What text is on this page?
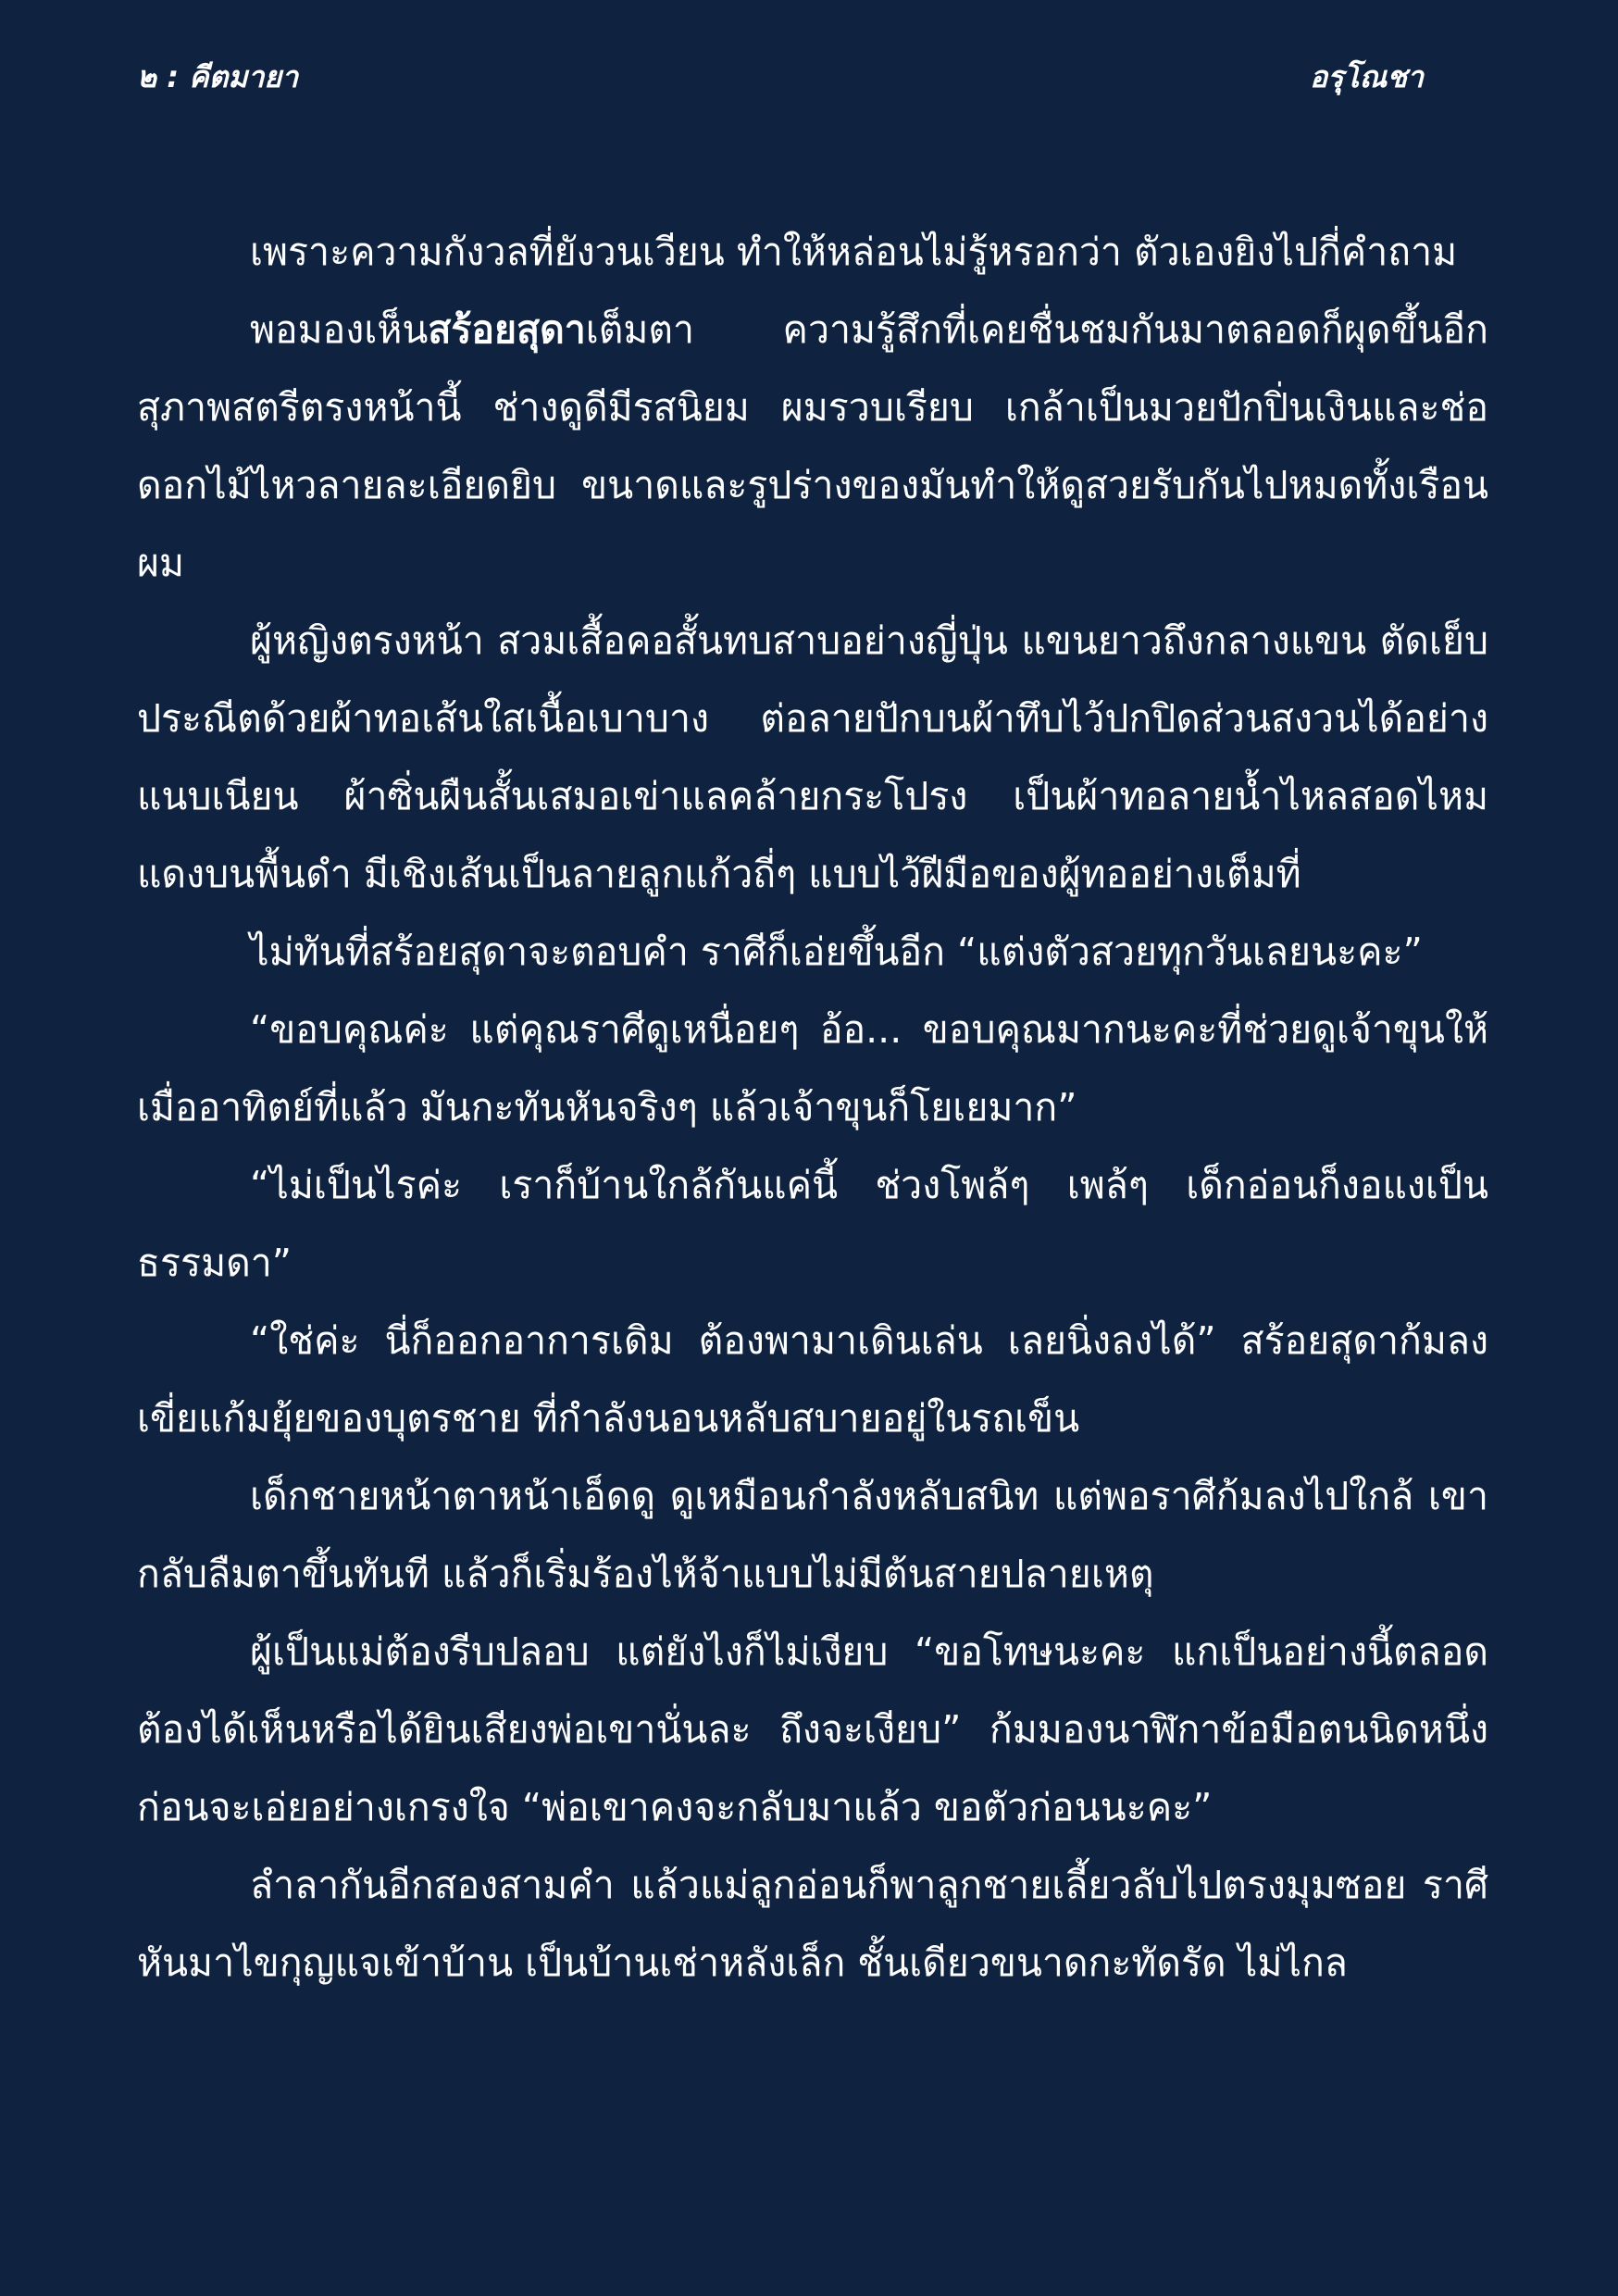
๒ : คีตมายา	อรุโณชา

เพราะความกังวลที่ยังวนเวียน ทำให้หล่อนไม่รู้หรอกว่า ตัวเองยิงไปกี่คำถาม

พอมองเห็นสร้อยสุดาเต็มตา ความรู้สึกที่เคยชื่นชมกันมาตลอดก็ผุดขึ้นอีก สุภาพสตรีตรงหน้านี้ ช่างดูดีมีรสนิยม ผมรวบเรียบ เกล้าเป็นมวยปักปิ่นเงินและช่อดอกไม้ไหวลายละเอียดยิบ ขนาดและรูปร่างของมันทำให้ดูสวยรับกันไปหมดทั้งเรือนผม

ผู้หญิงตรงหน้า สวมเสื้อคอสั้นทบสาบอย่างญี่ปุ่น แขนยาวถึงกลางแขน ตัดเย็บประณีตด้วยผ้าทอเส้นใสเนื้อเบาบาง ต่อลายปักบนผ้าทึบไว้ปกปิดส่วนสงวนได้อย่างแนบเนียน ผ้าซิ่นผืนสั้นเสมอเข่าแลคล้ายกระโปรง เป็นผ้าทอลายน้ำไหลสอดไหมแดงบนพื้นดำ มีเชิงเส้นเป็นลายลูกแก้วถี่ๆ แบบไว้ฝีมือของผู้ทออย่างเต็มที่

ไม่ทันที่สร้อยสุดาจะตอบคำ ราศีก็เอ่ยขึ้นอีก “แต่งตัวสวยทุกวันเลยนะคะ”

“ขอบคุณค่ะ แต่คุณราศีดูเหนื่อยๆ อ้อ... ขอบคุณมากนะคะที่ช่วยดูเจ้าขุนให้เมื่ออาทิตย์ที่แล้ว มันกะทันหันจริงๆ แล้วเจ้าขุนก็โยเยมาก”

“ไม่เป็นไรค่ะ เราก็บ้านใกล้กันแค่นี้ ช่วงโพล้ๆ เพล้ๆ เด็กอ่อนก็งอแงเป็นธรรมดา”

“ใช่ค่ะ นี่ก็ออกอาการเดิม ต้องพามาเดินเล่น เลยนิ่งลงได้” สร้อยสุดาก้มลงเขี่ยแก้มยุ้ยของบุตรชาย ที่กำลังนอนหลับสบายอยู่ในรถเข็น

เด็กชายหน้าตาหน้าเอ็ดดู ดูเหมือนกำลังหลับสนิท แต่พอราศีก้มลงไปใกล้ เขากลับลืมตาขึ้นทันที แล้วก็เริ่มร้องไห้จ้าแบบไม่มีต้นสายปลายเหตุ

ผู้เป็นแม่ต้องรีบปลอบ แต่ยังไงก็ไม่เงียบ “ขอโทษนะคะ แกเป็นอย่างนี้ตลอด ต้องได้เห็นหรือได้ยินเสียงพ่อเขานั่นละ ถึงจะเงียบ” ก้มมองนาฬิกาข้อมือตนนิดหนึ่ง ก่อนจะเอ่ยอย่างเกรงใจ “พ่อเขาคงจะกลับมาแล้ว ขอตัวก่อนนะคะ”

ลำลากันอีกสองสามคำ แล้วแม่ลูกอ่อนก็พาลูกชายเลี้ยวลับไปตรงมุมซอย ราศีหันมาไขกุญแจเข้าบ้าน เป็นบ้านเช่าหลังเล็ก ชั้นเดียวขนาดกะทัดรัด ไม่ไกล
